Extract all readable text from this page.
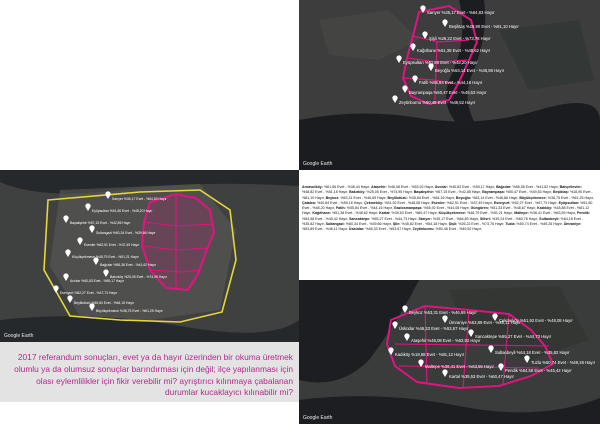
Sarıyer %35,17 Evet - %64,83 Hayır
Beşiktaş %18,90 Evet - %81,10 Hayır
Şişli %26,22 Evet - %73,78 Hayır
Kağıthane %51,38 Evet - %48,62 Hayır
Eyüpsultan %51,80 Evet - %48,20 Hayır
Beyoğlu %53,14 Evet - %46,86 Hayır
Fatih %55,84 Evet - %44,16 Hayır
Bayrampaşa %50,47 Evet - %49,53 Hayır
Zeytinburnu %50,48 Evet - %49,52 Hayır
Google Earth
Sarıyer %35,17 Evet - %64,83 Hayır
Eyüpsultan %51,80 Evet - %48,20 Hayır
Başakşehir %57,15 Evet - %42,85 Hayır
Sultangazi %60,34 Evet - %39,66 Hayır
Esenler %62,51 Evet - %37,49 Hayır
Küçükçekmece %48,79 Evet - %51,21 Hayır
Bağcılar %58,38 Evet - %41,62 Hayır
Bakırköy %25,05 Evet - %74,95 Hayır
Avcılar %40,83 Evet - %59,17 Hayır
Esenyurt %52,27 Evet - %47,73 Hayır
Beylikdüzü %35,84 Evet - %64,16 Hayır
Büyükçekmece %38,75 Evet - %61,25 Hayır
Google Earth
Arnavutköy: %61,56 Evet - %38,44 Hayır, Ataşehir: %46,08 Evet - %53,92 Hayır, Avcılar: %40,83 Evet - %59,17 Hayır, Bağcılar: %58,38 Evet - %41,62 Hayır, Bahçelievler: %48,82 Evet - %51,18 Hayır, Bakırköy: %25,05 Evet - %74,95 Hayır, Başakşehir: %57,15 Evet - %42,85 Hayır, Bayrampaşa: %50,47 Evet - %49,53 Hayır, Beşiktaş: %18,90 Evet - %81,10 Hayır, Beykoz: %53,31 Evet - %46,69 Hayır, Beylikdüzü: %35,84 Evet - %64,16 Hayır, Beyoğlu: %53,14 Evet - %46,86 Hayır, Büyükçekmece: %38,75 Evet - %61,25 Hayır, Çatalca: %40,84 Evet - %59,16 Hayır, Çekmeköy: %51,92 Evet - %48,08 Hayır, Esenler: %62,51 Evet - %37,49 Hayır, Esenyurt: %52,27 Evet - %47,73 Hayır, Eyüpsultan: %51,80 Evet - %48,20 Hayır, Fatih: %55,84 Evet - %44,16 Hayır, Gaziosmanpaşa: %55,92 Evet - %44,08 Hayır, Güngören: %51,33 Evet - %48,67 Hayır, Kadıköy: %18,88 Evet - %81,12 Hayır, Kağıthane: %51,38 Evet - %48,62 Hayır, Kartal: %39,53 Evet - %60,47 Hayır, Küçükçekmece: %48,79 Evet - %51,21 Hayır, Maltepe: %36,41 Evet - %63,59 Hayır, Pendik: %54,58 Evet - %45,42 Hayır, Sancaktepe: %55,27 Evet - %44,73 Hayır, Sarıyer: %35,17 Evet - %64,83 Hayır, Silivri: %39,24 Evet - %60,76 Hayır, Sultanbeyli: %64,18 Evet - %35,82 Hayır, Sultangazi: %60,34 Evet - %39,66 Hayır, Şile: %45,82 Evet - %54,18 Hayır, Şişli: %26,22 Evet - %73,78 Hayır, Tuzla: %50,74 Evet - %49,26 Hayır, Ümraniye: %53,89 Evet - %46,11 Hayır, Üsküdar: %46,33 Evet - %53,67 Hayır, Zeytinburnu: %50,48 Evet - %49,52 Hayır,
Beykoz %53,31 Evet - %46,69 Hayır
Üsküdar %46,33 Evet - %53,67 Hayır
Ümraniye %53,89 Evet - %46,11 Hayır
Çekmeköy %51,92 Evet - %48,08 Hayır
Ataşehir %46,08 Evet - %53,92 Hayır
Kadıköy %18,88 Evet - %81,12 Hayır
Sancaktepe %55,27 Evet - %44,73 Hayır
Maltepe %36,41 Evet - %63,59 Hayır
Sultanbeyli %64,18 Evet - %35,82 Hayır
Kartal %39,53 Evet - %60,47 Hayır
Pendik %54,58 Evet - %45,42 Hayır
Tuzla %50,74 Evet - %49,26 Hayır
Google Earth
2017 referandum sonuçları, evet ya da hayır üzerinden bir okuma üretmek olumlu ya da olumsuz sonuçlar barındırması için değil; ilçe yapılanması için olası eylemlilikler için fikir verebilir mi? ayrıştırıcı kılınmaya çabalanan durumlar kucaklayıcı kılınabilir mi?
